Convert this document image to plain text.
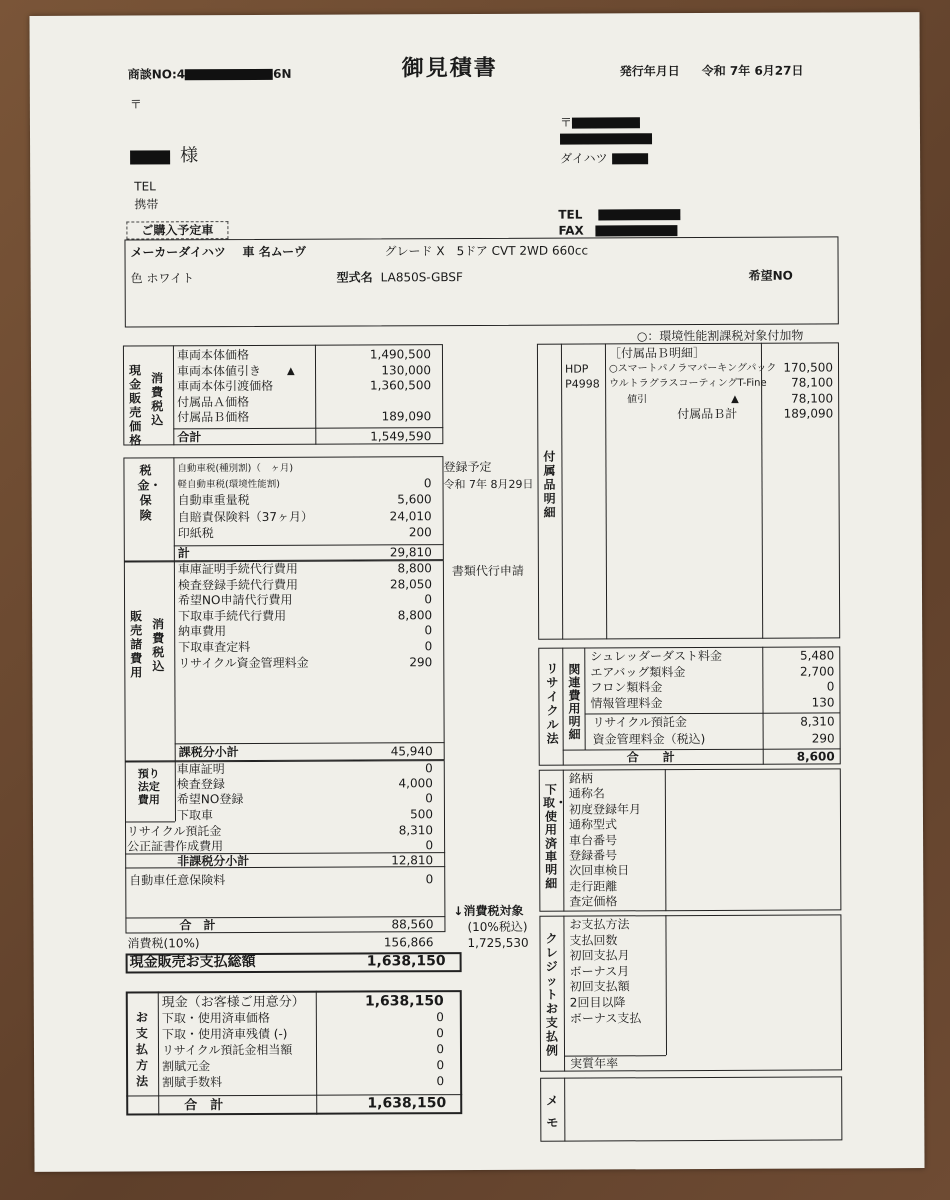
商談NO:4	6N	御見積書	発行年月日 令和 7年 6月27日
〒
様
TEL
携帯
〒
ダイハツ
TEL
FAX
ご購入予定車
メーカーダイハツ 車 名ムーヴ	グレード X　5ドア CVT 2WD 660cc
色 ホワイト	型式名 LA850S-GBSF	希望NO
○：環境性能割課税対象付加物
現金販売価格
消費税込
車両本体価格	1,490,500
車両本体値引き	▲	130,000
車両本体引渡価格	1,360,500
付属品Ａ価格
付属品Ｂ価格	189,090
合計	1,549,590
税金・保険
自動車税(種別割)（　ヶ月)
軽自動車税(環境性能割)	0
自動車重量税	5,600
自賠責保険料（37ヶ月）	24,010
印紙税	200
計	29,810
登録予定
令和 7年 8月29日
販売諸費用
消費税込
車庫証明手続代行費用	8,800
検査登録手続代行費用	28,050
希望NO申請代行費用	0
下取車手続代行費用	8,800
納車費用	0
下取車査定料	0
リサイクル資金管理料金	290
書類代行申請
課税分小計	45,940
預り法定費用
車庫証明	0
検査登録	4,000
希望NO登録	0
下取車	500
リサイクル預託金	8,310
公正証書作成費用	0
非課税分小計	12,810
自動車任意保険料	0
合　計	88,560
消費税(10%)	156,866
↓消費税対象
(10%税込)
1,725,530
現金販売お支払総額	1,638,150
お支払方法
現金（お客様ご用意分）	1,638,150
下取・使用済車価格	0
下取・使用済車残債 (-)	0
リサイクル預託金相当額	0
割賦元金	0
割賦手数料	0
合　計	1,638,150
付属品明細
［付属品Ｂ明細］
HDP ○スマートパノラマパーキングパック 170,500
P4998 ウルトラグラスコーティングT-Fine	78,100
値引	▲	78,100
付属品Ｂ計	189,090
リサイクル法
関連費用明細
シュレッダーダスト料金	5,480
エアバッグ類料金	2,700
フロン類料金	0
情報管理料金	130
リサイクル預託金	8,310
資金管理料金（税込)	290
合　　計	8,600
下取・使用済車明細
銘柄
通称名
初度登録年月
通称型式
車台番号
登録番号
次回車検日
走行距離
査定価格
クレジットお支払例
お支払方法
支払回数
初回支払月
ボーナス月
初回支払額
2回目以降
ボーナス支払
実質年率
メモ
